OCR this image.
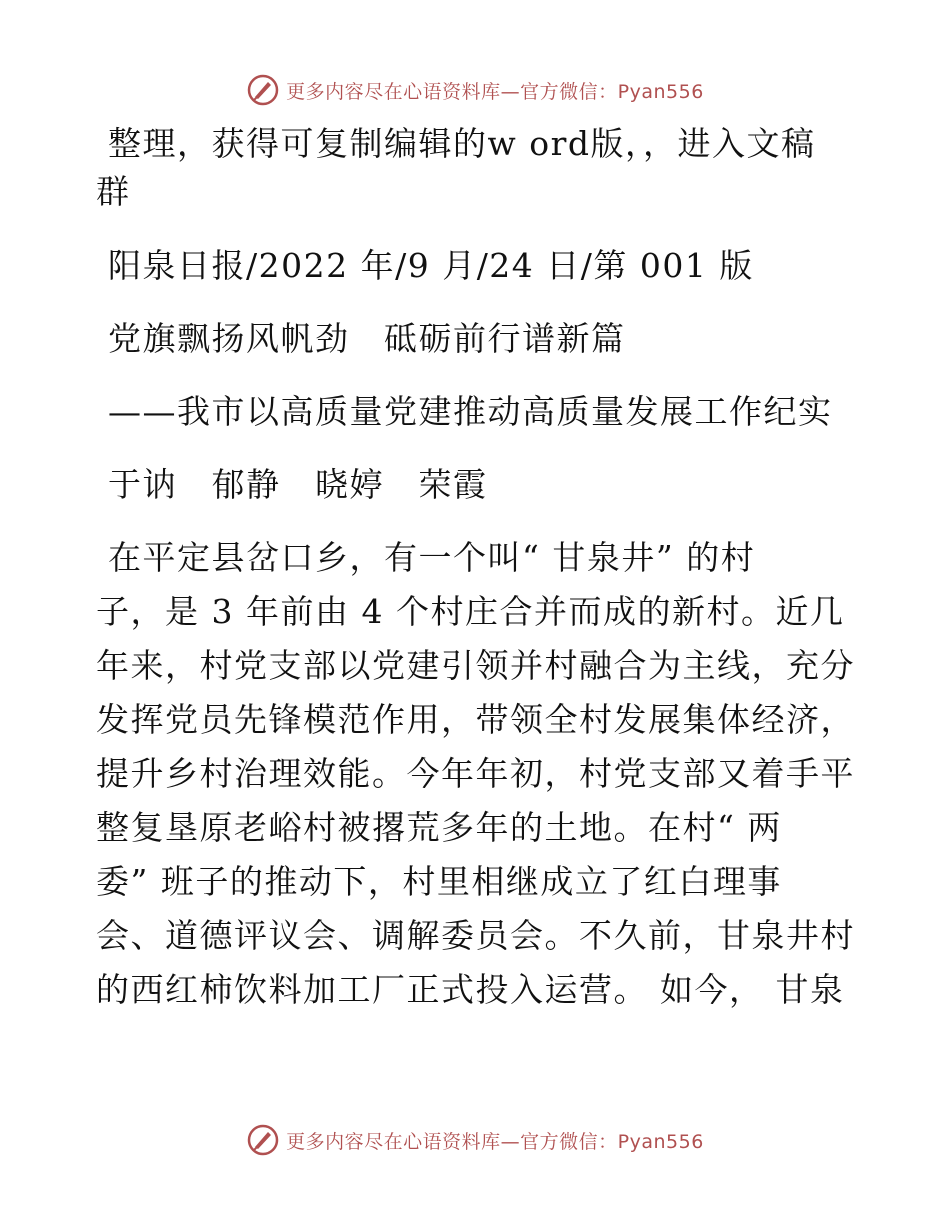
更多内容尽在心语资料库—官方微信：Pyan556
整理，获得可复制编辑的w ord版，，进入文稿
群
阳泉日报/2022 年/9 月/24 日/第 001 版
党旗飘扬风帆劲　砥砺前行谱新篇
——我市以高质量党建推动高质量发展工作纪实
于讷　郁静　晓婷　荣霞
在平定县岔口乡，有一个叫“ 甘泉井” 的村
子，是 3 年前由 4 个村庄合并而成的新村。近几
年来，村党支部以党建引领并村融合为主线，充分
发挥党员先锋模范作用，带领全村发展集体经济，
提升乡村治理效能。今年年初，村党支部又着手平
整复垦原老峪村被撂荒多年的土地。在村“ 两
委” 班子的推动下，村里相继成立了红白理事
会、道德评议会、调解委员会。不久前，甘泉井村
的西红柿饮料加工厂正式投入运营。 如今， 甘泉
更多内容尽在心语资料库—官方微信：Pyan556
